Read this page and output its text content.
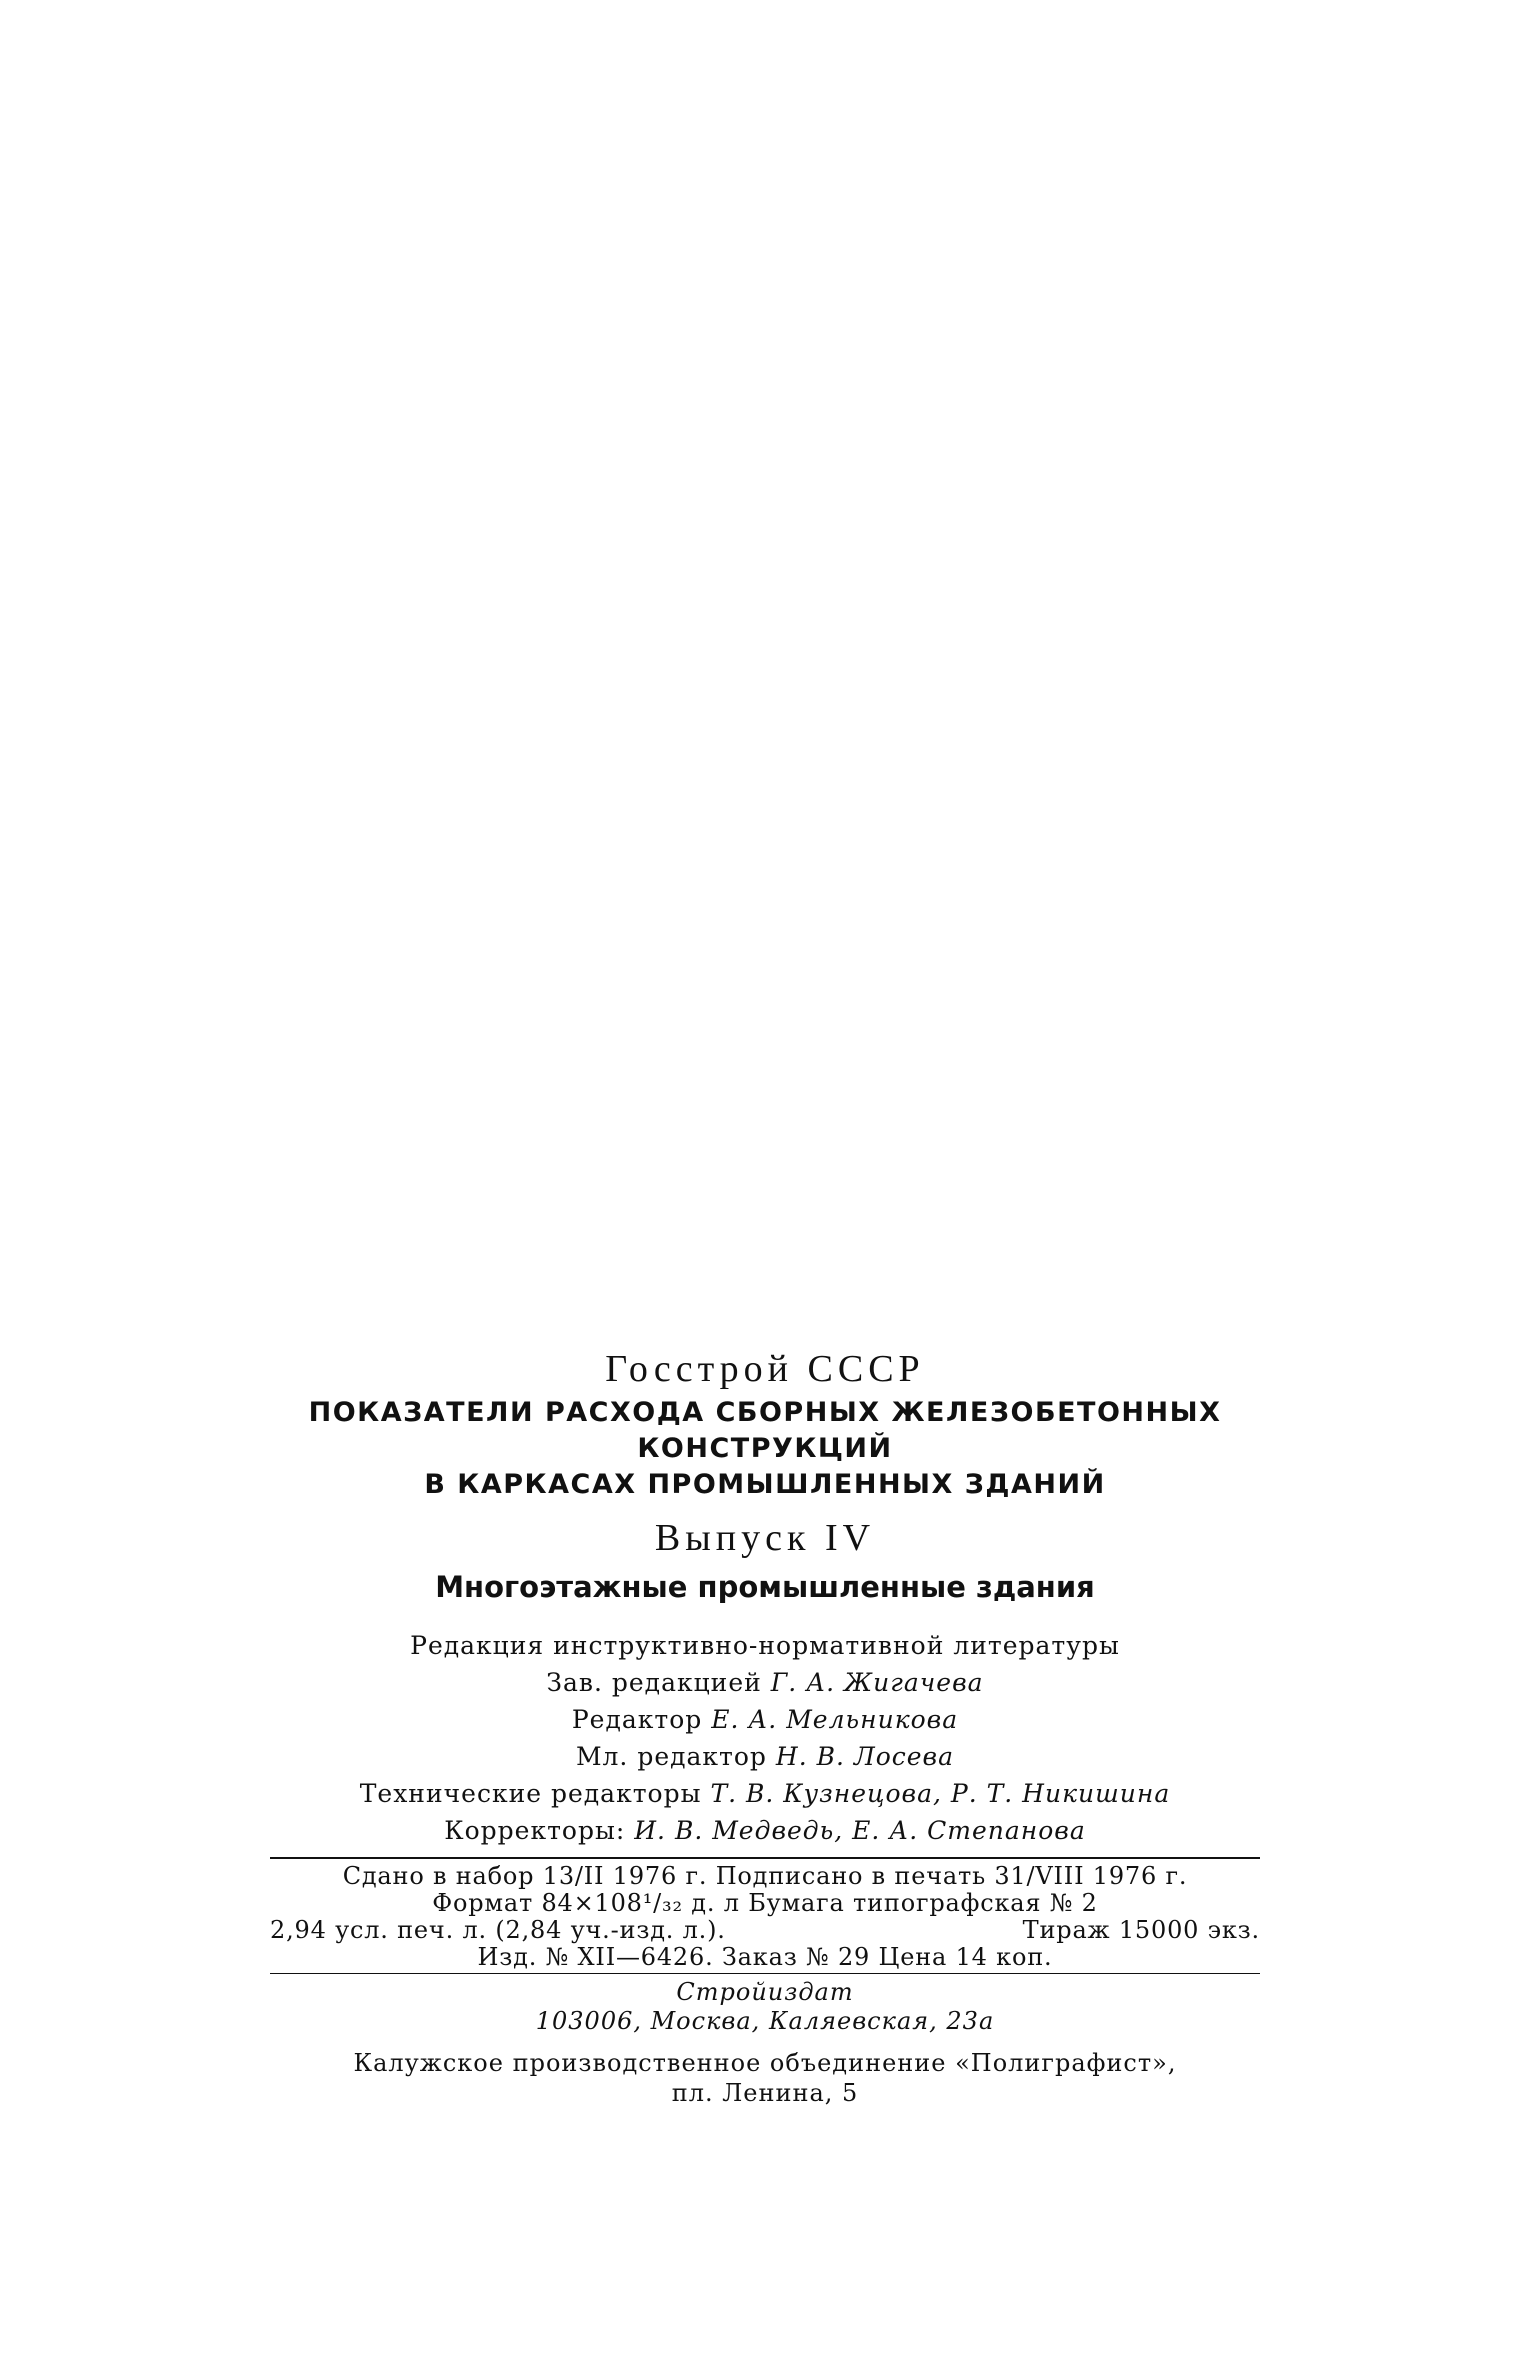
Госстрой СССР
ПОКАЗАТЕЛИ РАСХОДА СБОРНЫХ ЖЕЛЕЗОБЕТОННЫХ
КОНСТРУКЦИЙ
В КАРКАСАХ ПРОМЫШЛЕННЫХ ЗДАНИЙ
Выпуск IV
Многоэтажные промышленные здания
Редакция инструктивно-нормативной литературы
Зав. редакцией Г. А. Жигачева
Редактор Е. А. Мельникова
Мл. редактор Н. В. Лосева
Технические редакторы Т. В. Кузнецова, Р. Т. Никишина
Корректоры: И. В. Медведь, Е. А. Степанова
Сдано в набор 13/II 1976 г. Подписано в печать 31/VIII 1976 г.
Формат 84×108¹/₃₂ д. л Бумага типографская № 2
2,94 усл. печ. л. (2,84 уч.-изд. л.).	Тираж 15000 экз.
Изд. № XII—6426. Заказ № 29 Цена 14 коп.
Стройиздат
103006, Москва, Каляевская, 23а
Калужское производственное объединение «Полиграфист»,
пл. Ленина, 5
